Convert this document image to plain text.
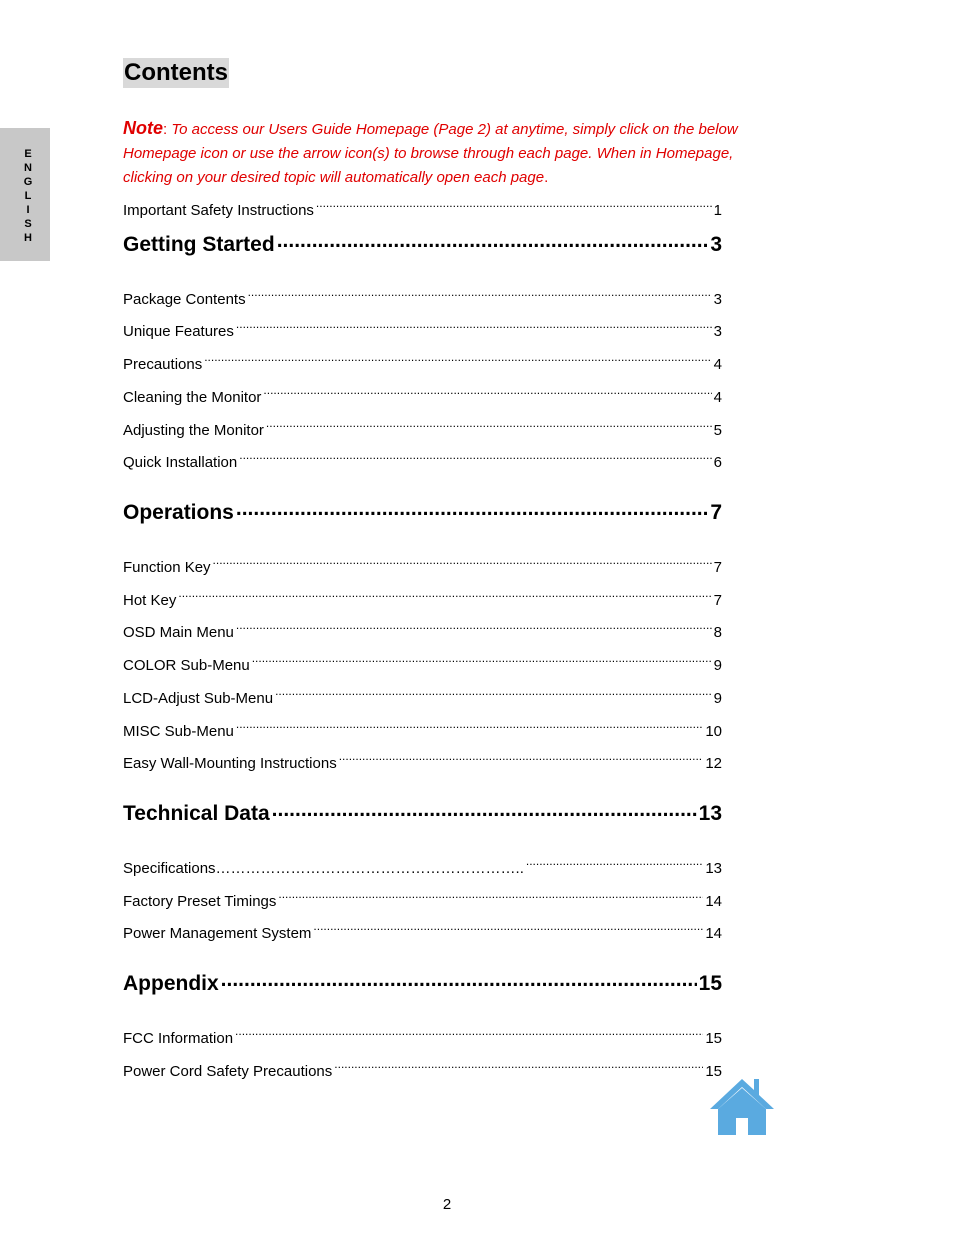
E
N
G
L
I
S
H
Contents
Note: To access our Users Guide Homepage (Page 2) at anytime, simply click on the below Homepage icon or use the arrow icon(s) to browse through each page. When in Homepage, clicking on your desired topic will automatically open each page.
Important Safety Instructions .....	1
Getting Started .....	3
Package Contents .....	3
Unique Features .....	3
Precautions .....	4
Cleaning the Monitor .....	4
Adjusting the Monitor .....	5
Quick Installation .....	6
Operations .....	7
Function Key .....	7
Hot Key .....	7
OSD Main Menu .....	8
COLOR Sub-Menu .....	9
LCD-Adjust Sub-Menu .....	9
MISC Sub-Menu .....	10
Easy Wall-Mounting Instructions .....	12
Technical Data .....	13
Specifications…………………………………………………….. .....	13
Factory Preset Timings .....	14
Power Management System .....	14
Appendix .....	15
FCC Information .....	15
Power Cord Safety Precautions .....	15
2
